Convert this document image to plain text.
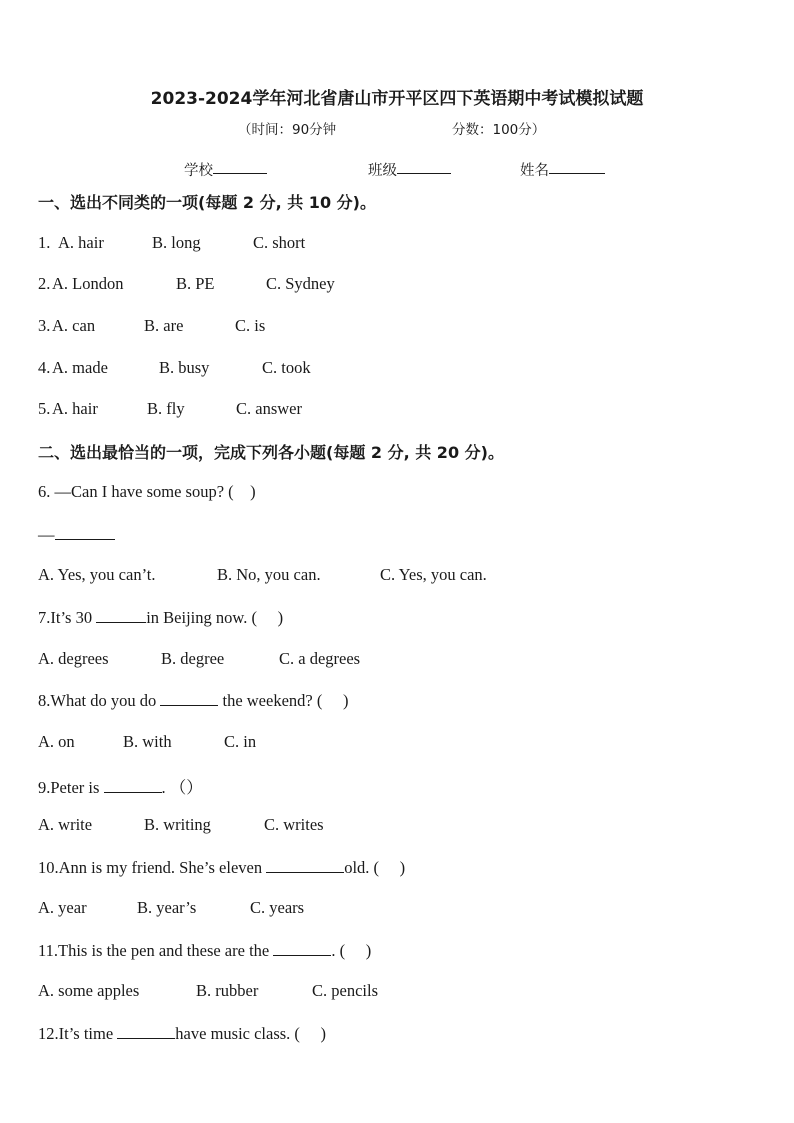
2023-2024学年河北省唐山市开平区四下英语期中考试模拟试题
（时间：90分钟	分数：100分）
学校	班级	姓名
一、选出不同类的一项(每题 2 分, 共 10 分)。
1. A. hair	B. long	C. short
2. A. London	B. PE	C. Sydney
3. A. can	B. are	C. is
4. A. made	B. busy	C. took
5. A. hair	B. fly	C. answer
二、选出最恰当的一项，完成下列各小题(每题 2 分, 共 20 分)。
6. —Can I have some soup? (    )
—
A. Yes, you can’t.	B. No, you can.	C. Yes, you can.
7.It’s 30	in Beijing now. (     )
A. degrees	B. degree	C. a degrees
8.What do you do	the weekend? (     )
A. on	B. with	C. in
9.Peter is	. （）
A. write	B. writing	C. writes
10.Ann is my friend. She’s eleven	old. (     )
A. year	B. year’s	C. years
11.This is the pen and these are the	. (     )
A. some apples	B. rubber	C. pencils
12.It’s time	have music class. (     )
